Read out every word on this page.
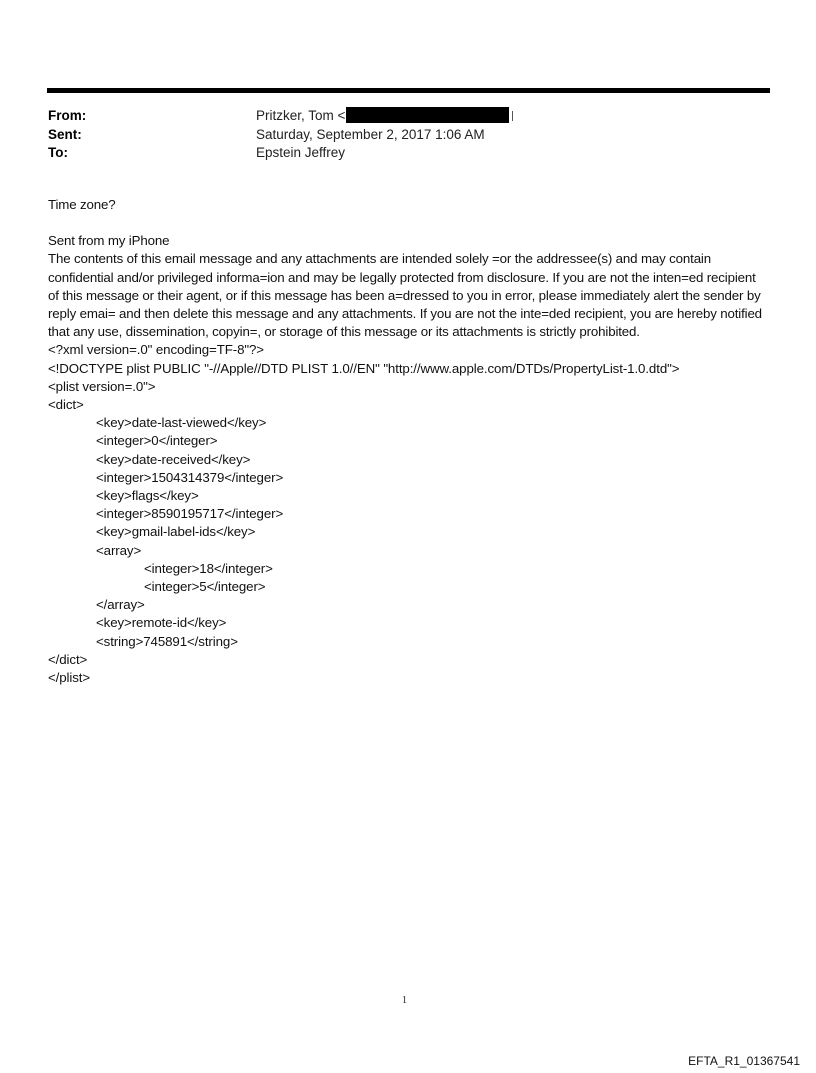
From:	Pritzker, Tom <
Sent:	Saturday, September 2, 2017 1:06 AM
To:	Epstein Jeffrey

Time zone?

Sent from my iPhone

The contents of this email message and any attachments are intended solely =or the addressee(s) and may contain confidential and/or privileged informa=ion and may be legally protected from disclosure. If you are not the inten=ed recipient of this message or their agent, or if this message has been a=dressed to you in error, please immediately alert the sender by reply emai= and then delete this message and any attachments. If you are not the inte=ded recipient, you are hereby notified that any use, dissemination, copyin=, or storage of this message or its attachments is strictly prohibited.

<?xml version=.0" encoding=TF-8"?>
<!DOCTYPE plist PUBLIC "-//Apple//DTD PLIST 1.0//EN" "http://www.apple.com/DTDs/PropertyList-1.0.dtd">
<plist version=.0">
<dict>
<key>date-last-viewed</key>
<integer>0</integer>
<key>date-received</key>
<integer>1504314379</integer>
<key>flags</key>
<integer>8590195717</integer>
<key>gmail-label-ids</key>
<array>
<integer>18</integer>
<integer>5</integer>
</array>
<key>remote-id</key>
<string>745891</string>
</dict>
</plist>
1
EFTA_R1_01367541
